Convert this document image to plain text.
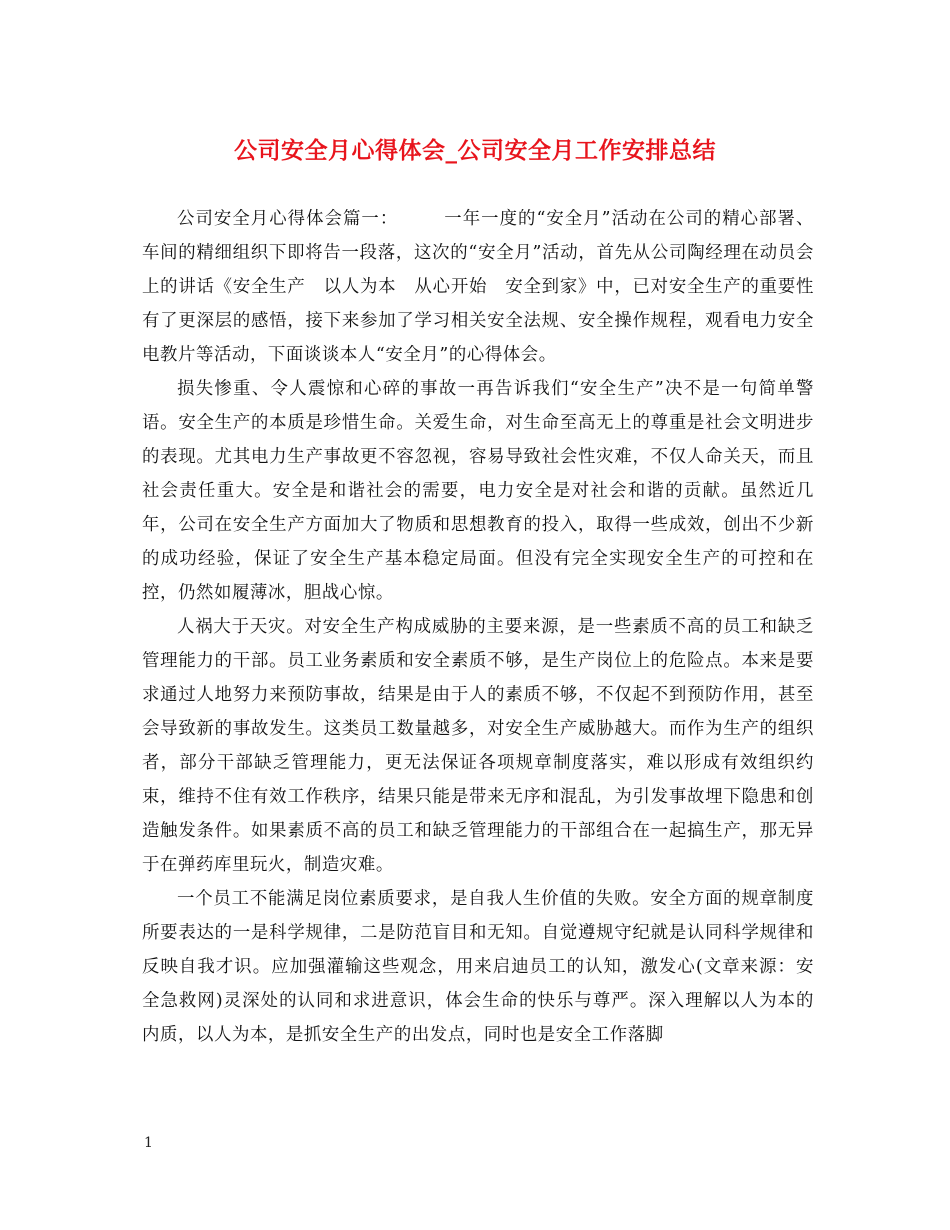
公司安全月心得体会_公司安全月工作安排总结

公司安全月心得体会篇一：	一年一度的“安全月”活动在公司的精心部署、车间的精细组织下即将告一段落，这次的“安全月”活动，首先从公司陶经理在动员会上的讲话《安全生产　以人为本　从心开始　安全到家》中，已对安全生产的重要性有了更深层的感悟，接下来参加了学习相关安全法规、安全操作规程，观看电力安全电教片等活动，下面谈谈本人“安全月”的心得体会。

损失惨重、令人震惊和心碎的事故一再告诉我们“安全生产”决不是一句简单警语。安全生产的本质是珍惜生命。关爱生命，对生命至高无上的尊重是社会文明进步的表现。尤其电力生产事故更不容忽视，容易导致社会性灾难，不仅人命关天，而且社会责任重大。安全是和谐社会的需要，电力安全是对社会和谐的贡献。虽然近几年，公司在安全生产方面加大了物质和思想教育的投入，取得一些成效，创出不少新的成功经验，保证了安全生产基本稳定局面。但没有完全实现安全生产的可控和在控，仍然如履薄冰，胆战心惊。

人祸大于天灾。对安全生产构成威胁的主要来源，是一些素质不高的员工和缺乏管理能力的干部。员工业务素质和安全素质不够，是生产岗位上的危险点。本来是要求通过人地努力来预防事故，结果是由于人的素质不够，不仅起不到预防作用，甚至会导致新的事故发生。这类员工数量越多，对安全生产威胁越大。而作为生产的组织者，部分干部缺乏管理能力，更无法保证各项规章制度落实，难以形成有效组织约束，维持不住有效工作秩序，结果只能是带来无序和混乱，为引发事故埋下隐患和创造触发条件。如果素质不高的员工和缺乏管理能力的干部组合在一起搞生产，那无异于在弹药库里玩火，制造灾难。

一个员工不能满足岗位素质要求，是自我人生价值的失败。安全方面的规章制度所要表达的一是科学规律，二是防范盲目和无知。自觉遵规守纪就是认同科学规律和反映自我才识。应加强灌输这些观念，用来启迪员工的认知，激发心(文章来源：安全急救网)灵深处的认同和求进意识，体会生命的快乐与尊严。深入理解以人为本的内质，以人为本，是抓安全生产的出发点，同时也是安全工作落脚

1
